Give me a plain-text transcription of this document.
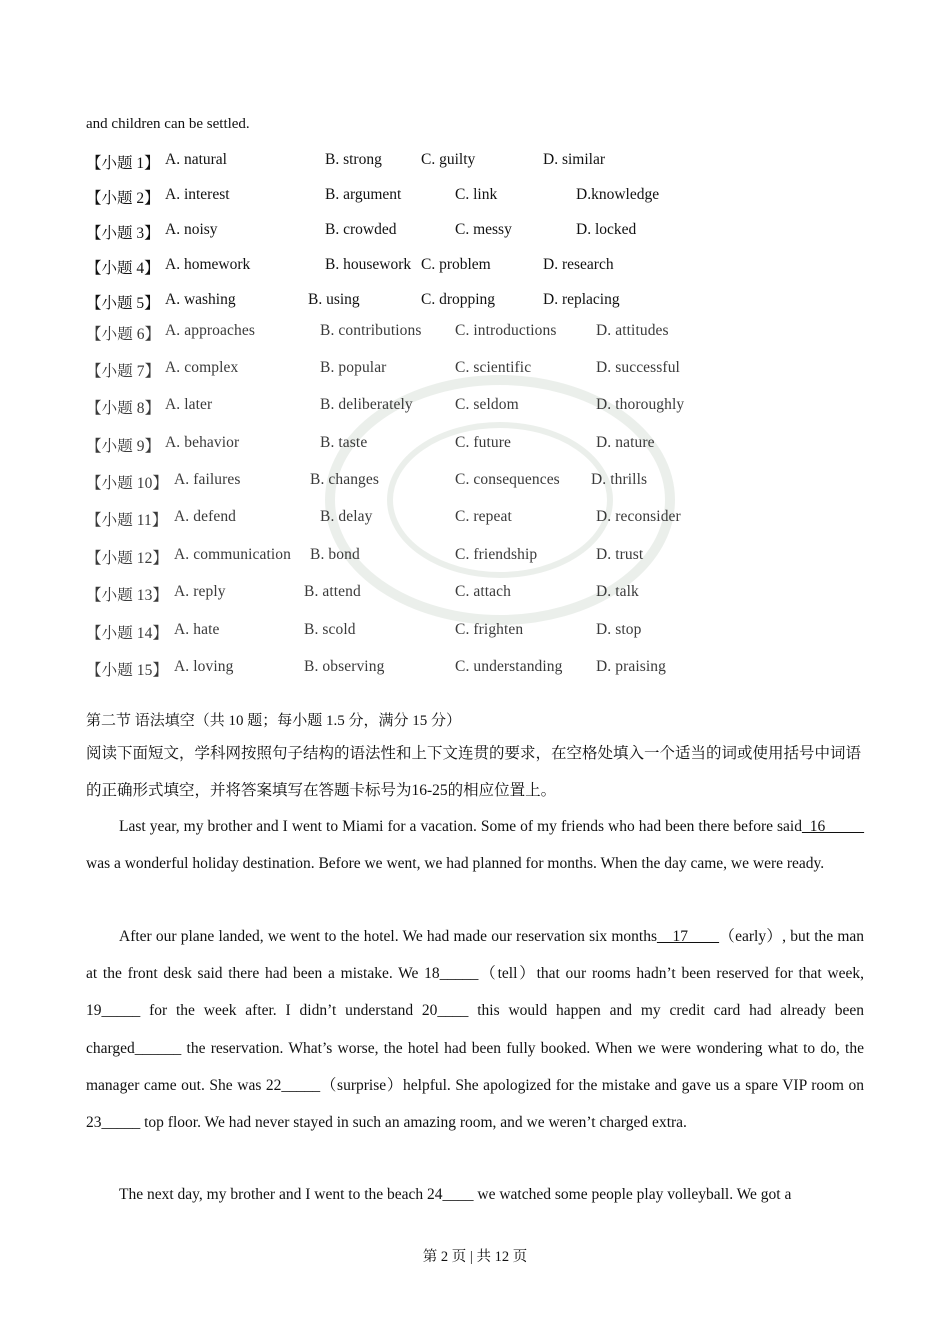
and children can be settled.
【小题 1】 A. natural	B. strong	C. guilty	D. similar
【小题 2】 A. interest	B. argument	C. link	D.knowledge
【小题 3】 A. noisy	B. crowded	C. messy	D. locked
【小题 4】 A. homework	B. housework C. problem	D. research
【小题 5】 A. washing	B. using	C. dropping	D. replacing
【小题 6】 A. approaches	B. contributions C. introductions	D. attitudes
【小题 7】 A. complex	B. popular	C. scientific	D. successful
【小题 8】 A. later	B. deliberately	C. seldom	D. thoroughly
【小题 9】 A. behavior	B. taste	C. future	D. nature
【小题 10】 A. failures	B. changes	C. consequences D. thrills
【小题 11】 A. defend	B. delay	C. repeat	D. reconsider
【小题 12】 A. communication B. bond	C. friendship	D. trust
【小题 13】 A. reply	B. attend	C. attach	D. talk
【小题 14】 A. hate	B. scold	C. frighten	D. stop
【小题 15】 A. loving	B. observing	C. understanding D. praising
第二节 语法填空（共 10 题；每小题 1.5 分，满分 15 分）
阅读下面短文，学科网按照句子结构的语法性和上下文连贯的要求，在空格处填入一个适当的词或使用括号中词语的正确形式填空，并将答案填写在答题卡标号为16-25的相应位置上。
Last year, my brother and I went to Miami for a vacation. Some of my friends who had been there before said_16_____ was a wonderful holiday destination. Before we went, we had planned for months. When the day came, we were ready.
After our plane landed, we went to the hotel. We had made our reservation six months__17____（early）, but the man at the front desk said there had been a mistake. We 18_____（tell）that our rooms hadn’t been reserved for that week, 19_____ for the week after. I didn’t understand 20____ this would happen and my credit card had already been charged______ the reservation. What’s worse, the hotel had been fully booked. When we were wondering what to do, the manager came out. She was 22_____（surprise）helpful. She apologized for the mistake and gave us a spare VIP room on 23_____ top floor. We had never stayed in such an amazing room, and we weren’t charged extra.
The next day, my brother and I went to the beach 24____ we watched some people play volleyball. We got a
第 2 页 | 共 12 页
